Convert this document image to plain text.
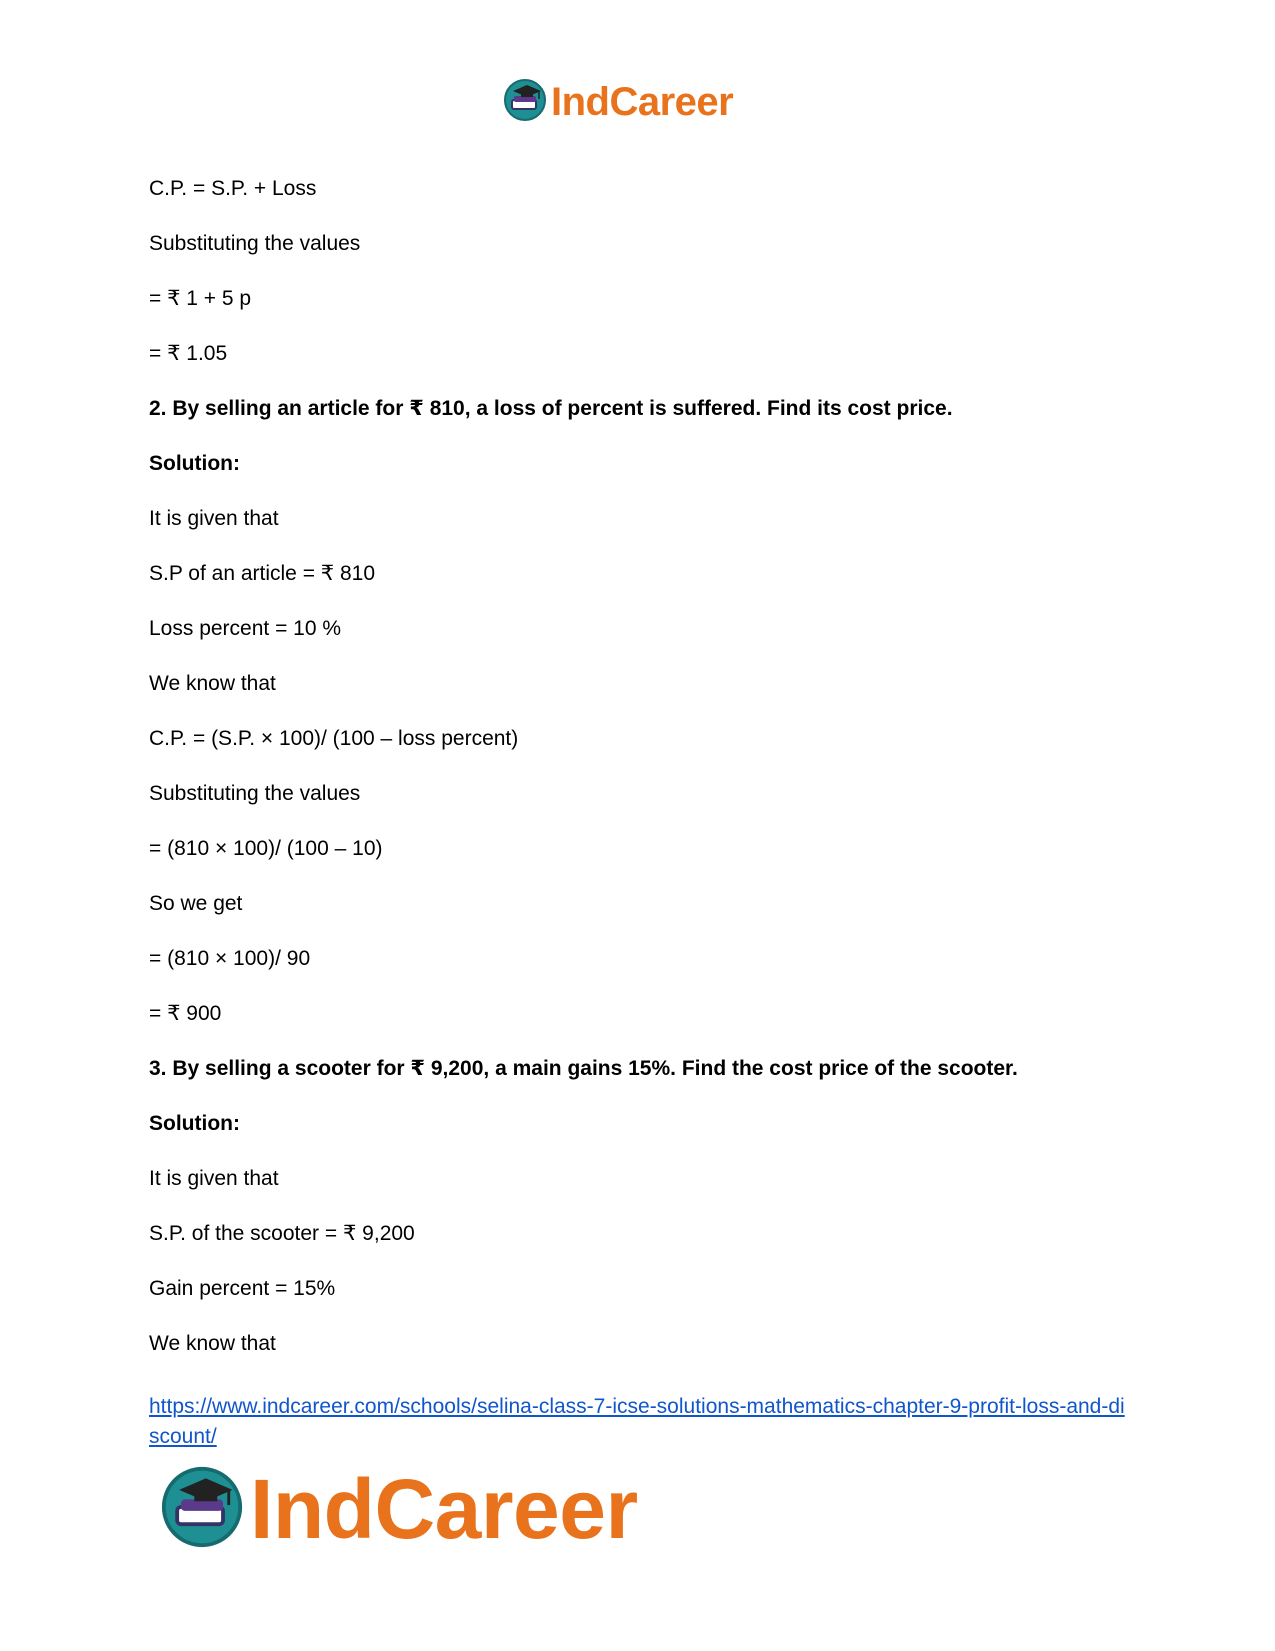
IndCareer
C.P. = S.P. + Loss
Substituting the values
= ₹ 1 + 5 p
= ₹ 1.05
2. By selling an article for ₹ 810, a loss of percent is suffered. Find its cost price.
Solution:
It is given that
S.P of an article = ₹ 810
Loss percent = 10 %
We know that
C.P. = (S.P. × 100)/ (100 – loss percent)
Substituting the values
= (810 × 100)/ (100 – 10)
So we get
= (810 × 100)/ 90
= ₹ 900
3. By selling a scooter for ₹ 9,200, a main gains 15%. Find the cost price of the scooter.
Solution:
It is given that
S.P. of the scooter = ₹ 9,200
Gain percent = 15%
We know that
https://www.indcareer.com/schools/selina-class-7-icse-solutions-mathematics-chapter-9-profit-loss-and-discount/
IndCareer
